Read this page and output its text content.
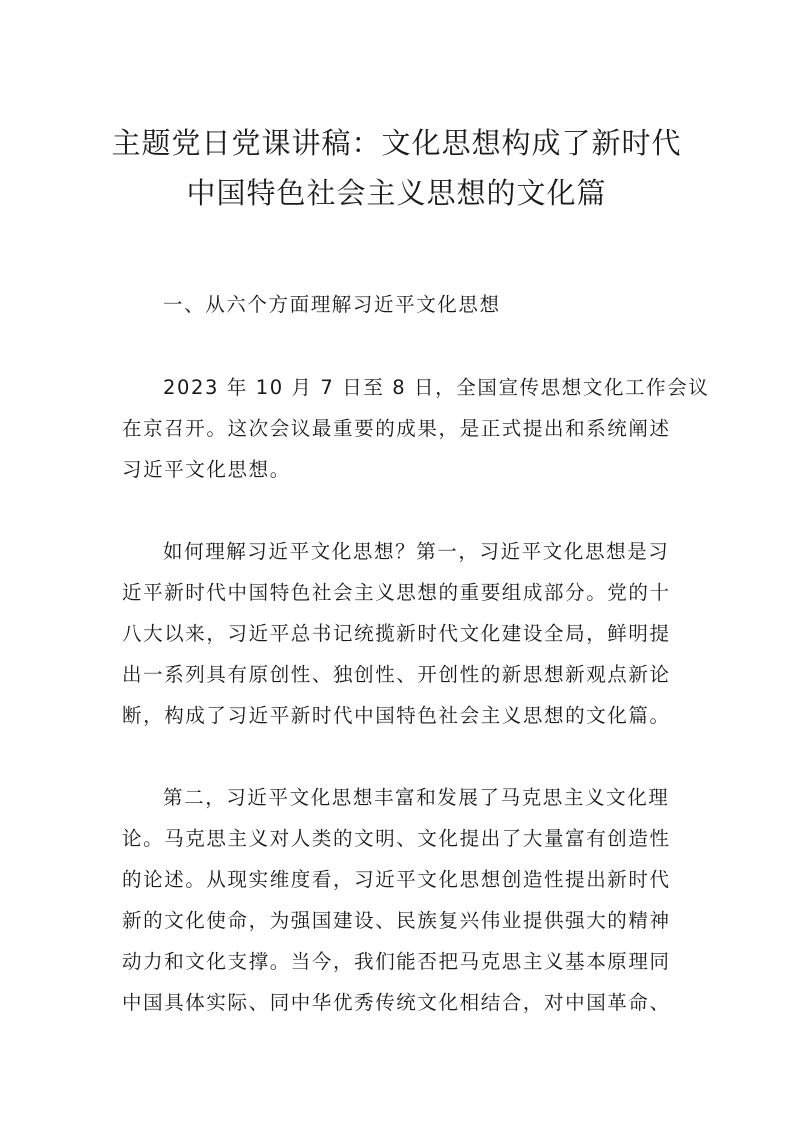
主题党日党课讲稿：文化思想构成了新时代
中国特色社会主义思想的文化篇

一、从六个方面理解习近平文化思想

2023 年 10 月 7 日至 8 日，全国宣传思想文化工作会议
在京召开。这次会议最重要的成果，是正式提出和系统阐述
习近平文化思想。

如何理解习近平文化思想？第一，习近平文化思想是习
近平新时代中国特色社会主义思想的重要组成部分。党的十
八大以来，习近平总书记统揽新时代文化建设全局，鲜明提
出一系列具有原创性、独创性、开创性的新思想新观点新论
断，构成了习近平新时代中国特色社会主义思想的文化篇。

第二，习近平文化思想丰富和发展了马克思主义文化理
论。马克思主义对人类的文明、文化提出了大量富有创造性
的论述。从现实维度看，习近平文化思想创造性提出新时代
新的文化使命，为强国建设、民族复兴伟业提供强大的精神
动力和文化支撑。当今，我们能否把马克思主义基本原理同
中国具体实际、同中华优秀传统文化相结合，对中国革命、
